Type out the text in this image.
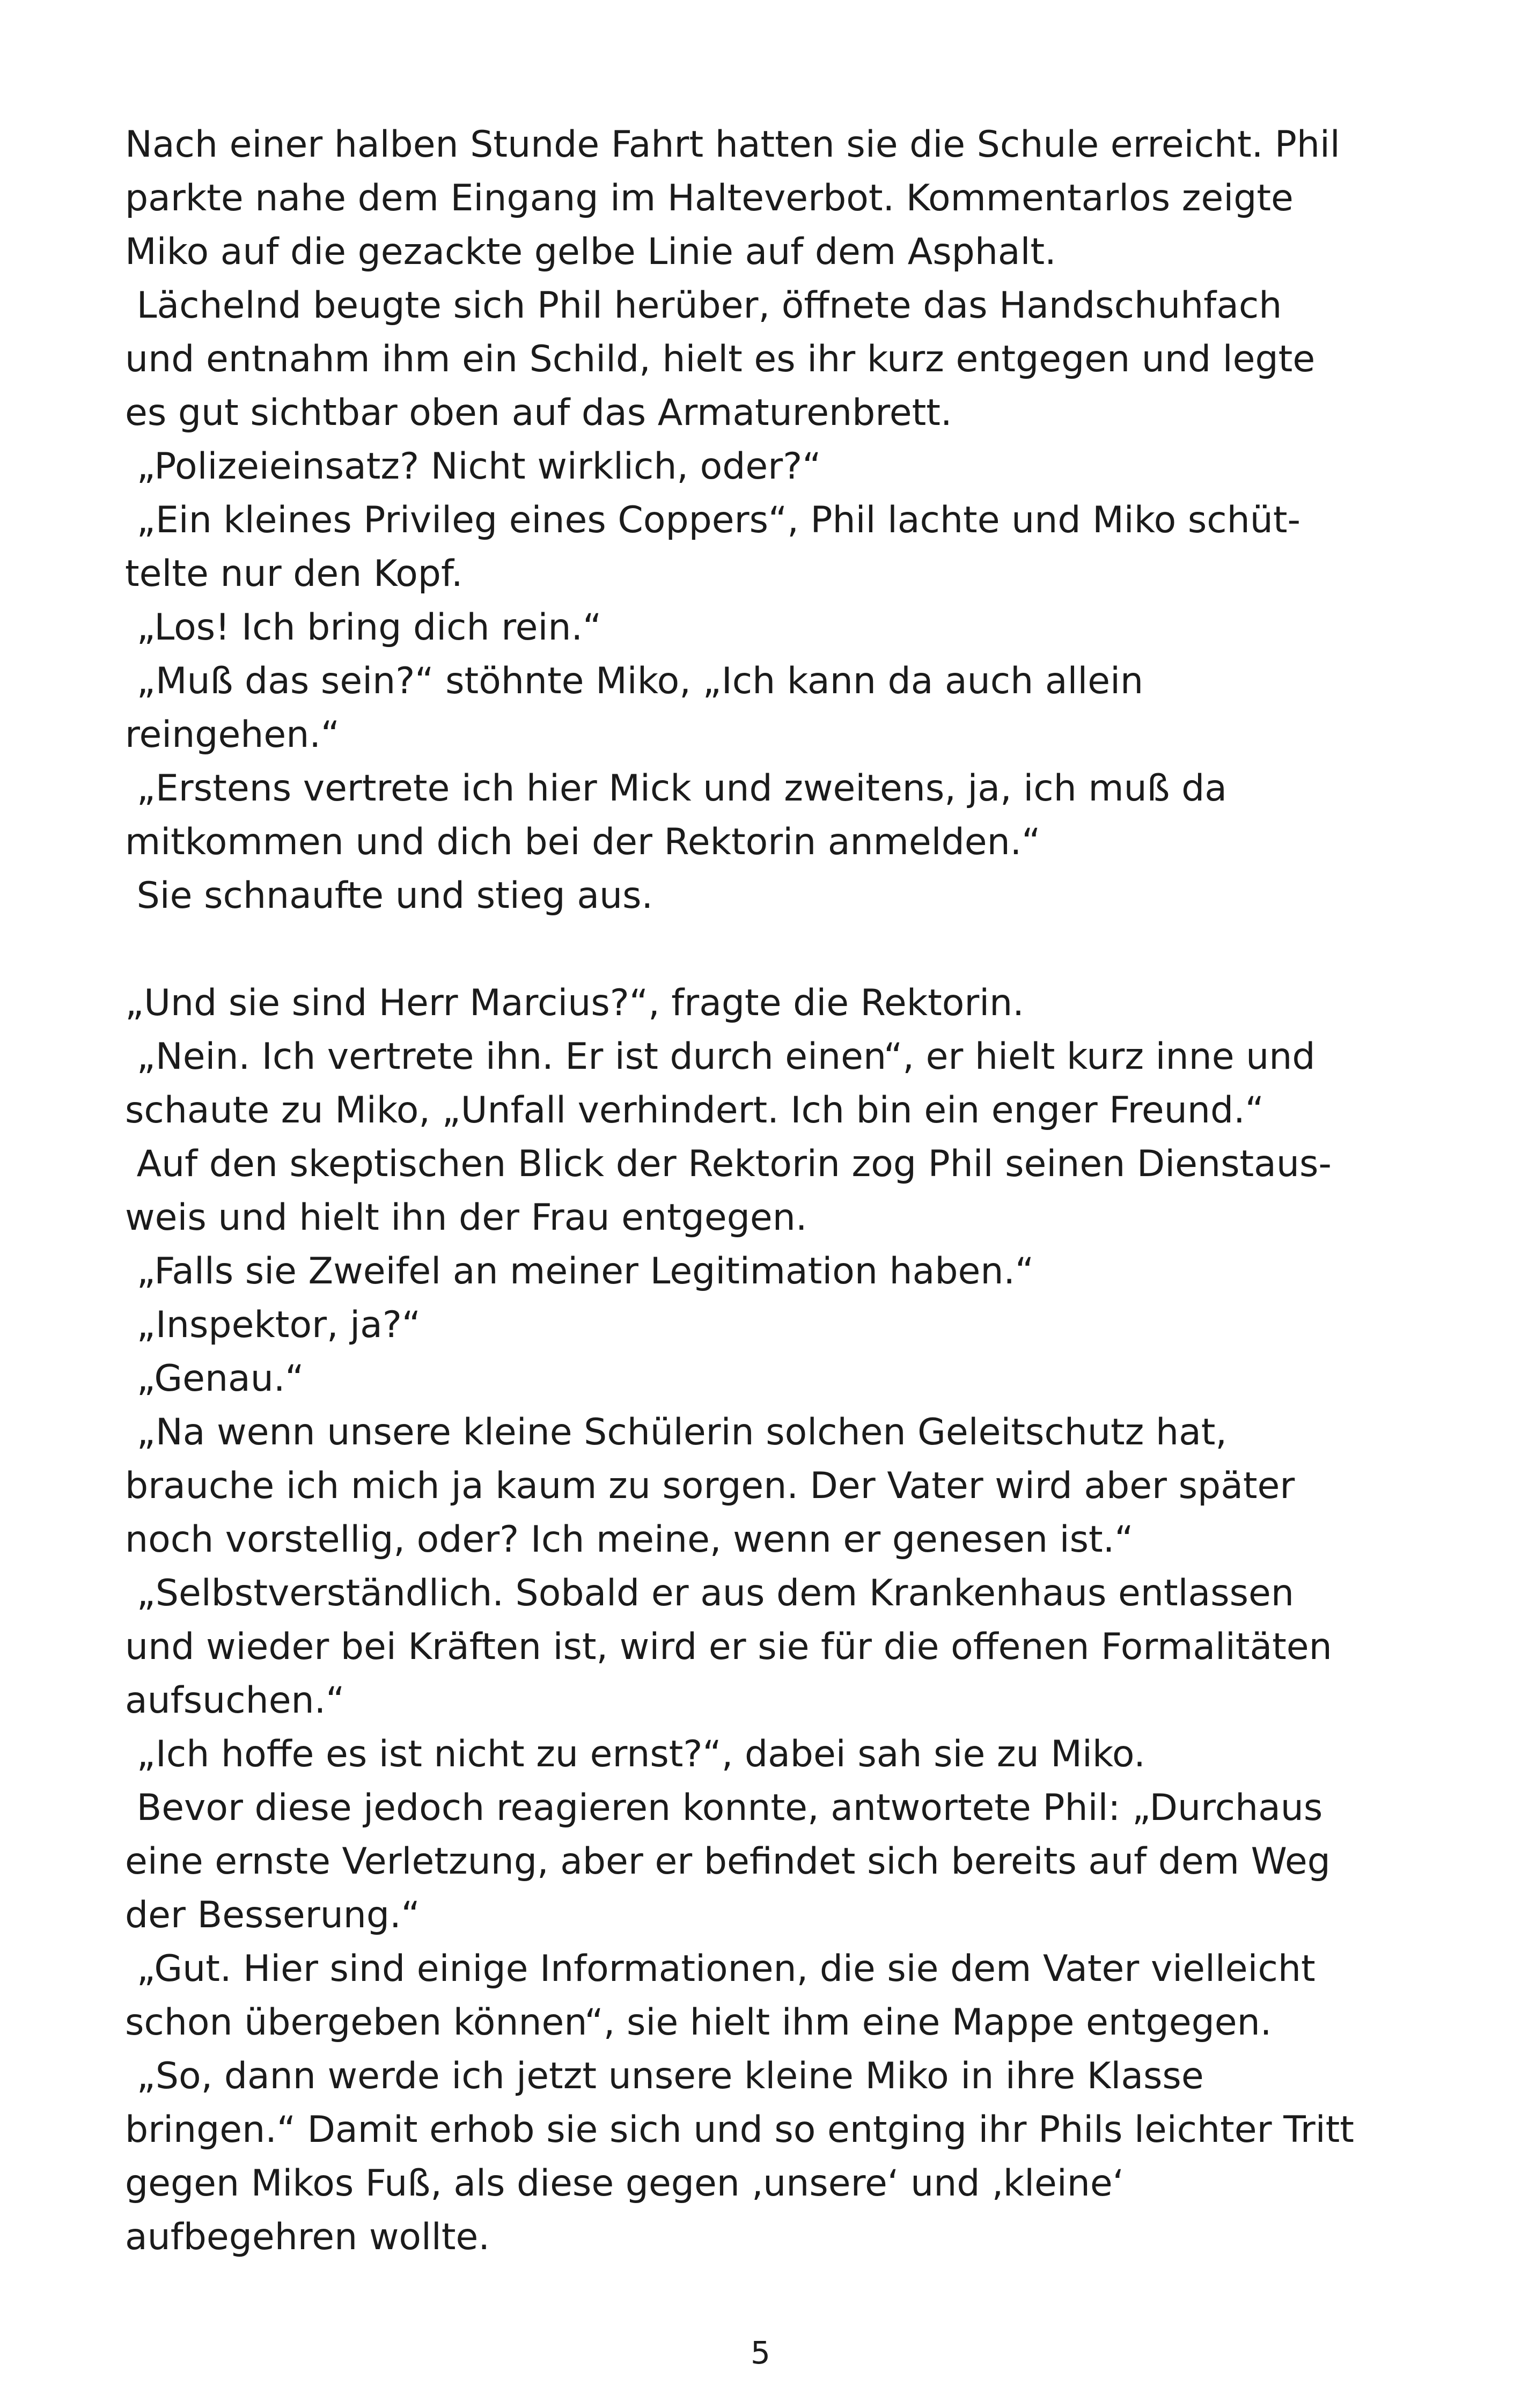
Nach einer halben Stunde Fahrt hatten sie die Schule erreicht. Phil
parkte nahe dem Eingang im Halteverbot. Kommentarlos zeigte
Miko auf die gezackte gelbe Linie auf dem Asphalt.
Lächelnd beugte sich Phil herüber, öffnete das Handschuhfach
und entnahm ihm ein Schild, hielt es ihr kurz entgegen und legte
es gut sichtbar oben auf das Armaturenbrett.
„Polizeieinsatz? Nicht wirklich, oder?“
„Ein kleines Privileg eines Coppers“, Phil lachte und Miko schüt-
telte nur den Kopf.
„Los! Ich bring dich rein.“
„Muß das sein?“ stöhnte Miko, „Ich kann da auch allein
reingehen.“
„Erstens vertrete ich hier Mick und zweitens, ja, ich muß da
mitkommen und dich bei der Rektorin anmelden.“
Sie schnaufte und stieg aus.
„Und sie sind Herr Marcius?“, fragte die Rektorin.
„Nein. Ich vertrete ihn. Er ist durch einen“, er hielt kurz inne und
schaute zu Miko, „Unfall verhindert. Ich bin ein enger Freund.“
Auf den skeptischen Blick der Rektorin zog Phil seinen Dienstaus-
weis und hielt ihn der Frau entgegen.
„Falls sie Zweifel an meiner Legitimation haben.“
„Inspektor, ja?“
„Genau.“
„Na wenn unsere kleine Schülerin solchen Geleitschutz hat,
brauche ich mich ja kaum zu sorgen. Der Vater wird aber später
noch vorstellig, oder? Ich meine, wenn er genesen ist.“
„Selbstverständlich. Sobald er aus dem Krankenhaus entlassen
und wieder bei Kräften ist, wird er sie für die offenen Formalitäten
aufsuchen.“
„Ich hoffe es ist nicht zu ernst?“, dabei sah sie zu Miko.
Bevor diese jedoch reagieren konnte, antwortete Phil: „Durchaus
eine ernste Verletzung, aber er befindet sich bereits auf dem Weg
der Besserung.“
„Gut. Hier sind einige Informationen, die sie dem Vater vielleicht
schon übergeben können“, sie hielt ihm eine Mappe entgegen.
„So, dann werde ich jetzt unsere kleine Miko in ihre Klasse
bringen.“ Damit erhob sie sich und so entging ihr Phils leichter Tritt
gegen Mikos Fuß, als diese gegen ‚unsere‘ und ‚kleine‘
aufbegehren wollte.
5
